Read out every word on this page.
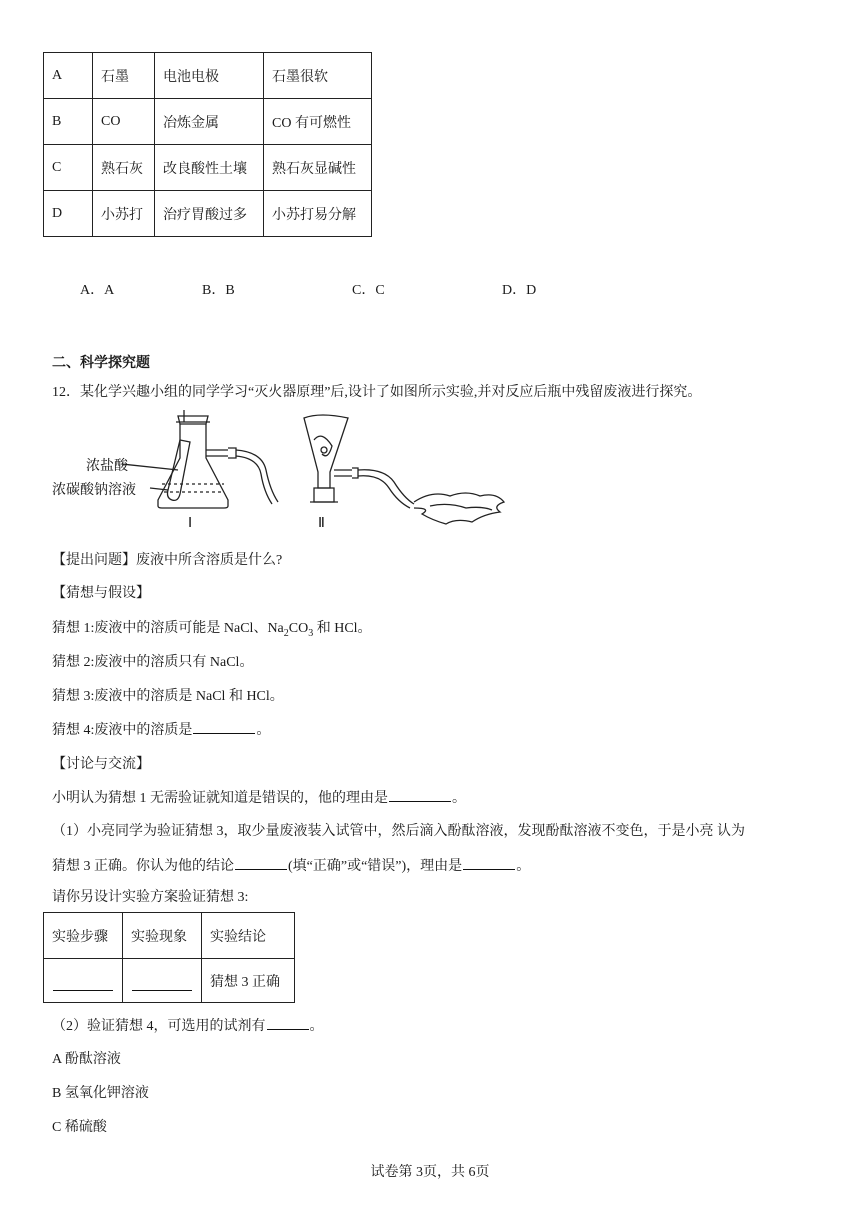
A	石墨	电池电极	石墨很软
B	CO	冶炼金属	CO 有可燃性
C	熟石灰	改良酸性土壤	熟石灰显碱性
D	小苏打	治疗胃酸过多	小苏打易分解
A．A	B．B	C．C	D．D
二、科学探究题
12．某化学兴趣小组的同学学习“灭火器原理”后,设计了如图所示实验,并对反应后瓶中残留废液进行探究。
浓盐酸
浓碳酸钠溶液
Ⅰ	Ⅱ
【提出问题】废液中所含溶质是什么?
【猜想与假设】
猜想 1:废液中的溶质可能是 NaCl、$Na_2CO_3$ 和 HCl。
猜想 2:废液中的溶质只有 NaCl。
猜想 3:废液中的溶质是 NaCl 和 HCl。
猜想 4:废液中的溶质是	。
【讨论与交流】
小明认为猜想 1 无需验证就知道是错误的，他的理由是	。
（1）小亮同学为验证猜想 3，取少量废液装入试管中，然后滴入酚酞溶液，发现酚酞溶液不变色，于是小亮 认为
猜想 3 正确。你认为他的结论	(填“正确”或“错误”)，理由是	。
请你另设计实验方案验证猜想 3:
实验步骤	实验现象	实验结论
		猜想 3 正确
（2）验证猜想 4，可选用的试剂有	。
A 酚酞溶液
B 氢氧化钾溶液
C 稀硫酸
试卷第 3页，共 6页
